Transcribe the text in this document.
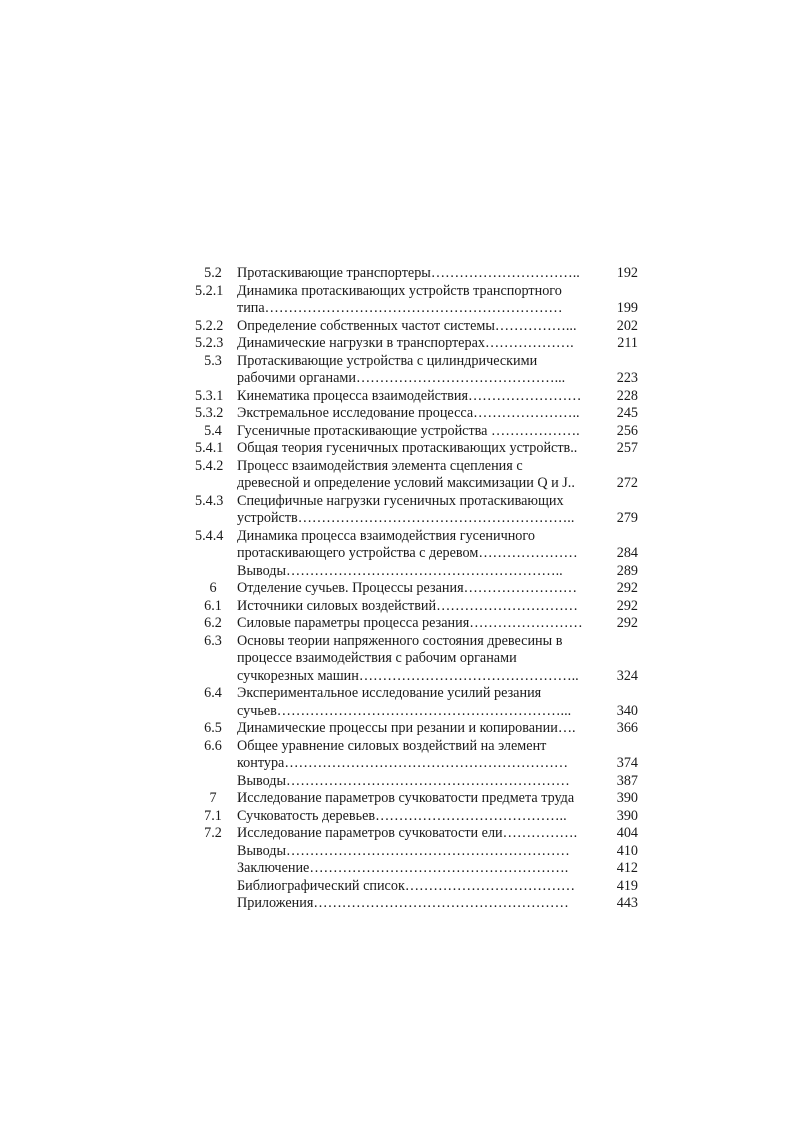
5.2	Протаскивающие транспортеры…………………………..	192
5.2.1 Динамика протаскивающих устройств транспортного
типа………………………………………………………	199
5.2.2 Определение собственных частот системы……………...	202
5.2.3 Динамические нагрузки в транспортерах……………….	211
5.3	Протаскивающие устройства с цилиндрическими
рабочими органами……………………………………...	223
5.3.1 Кинематика процесса взаимодействия……………………	228
5.3.2 Экстремальное исследование процесса…………………..	245
5.4	Гусеничные протаскивающие устройства ……………….	256
5.4.1 Общая теория гусеничных протаскивающих устройств..	257
5.4.2 Процесс взаимодействия элемента сцепления с
древесной и определение условий максимизации Q и J..	272
5.4.3 Специфичные нагрузки гусеничных протаскивающих
устройств…………………………………………………..	279
5.4.4 Динамика процесса взаимодействия гусеничного
протаскивающего устройства с деревом…………………	284
Выводы…………………………………………………..	289
6	Отделение сучьев. Процессы резания……………………	292
6.1	Источники силовых воздействий…………………………	292
6.2	Силовые параметры процесса резания……………………	292
6.3	Основы теории напряженного состояния древесины в
процессе взаимодействия с рабочим органами
сучкорезных машин………………………………………..	324
6.4	Экспериментальное исследование усилий резания
сучьев……………………………………………………...	340
6.5	Динамические процессы при резании и копировании….	366
6.6	Общее уравнение силовых воздействий на элемент
контура……………………………………………………	374
Выводы……………………………………………………	387
7	Исследование параметров сучковатости предмета труда	390
7.1	Сучковатость деревьев…………………………………..	390
7.2	Исследование параметров сучковатости ели…………….	404
Выводы……………………………………………………	410
Заключение……………………………………………….	412
Библиографический список………………………………	419
Приложения………………………………………………	443
